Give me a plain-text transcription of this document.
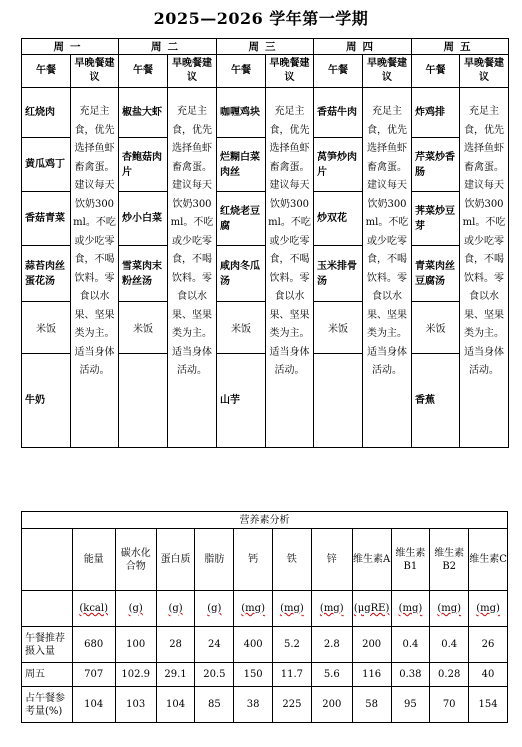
2025—2026 学年第一学期
周一		周二		周三		周四		周五	
午餐	早晚餐建议	午餐	早晚餐建议	午餐	早晚餐建议	午餐	早晚餐建议	午餐	早晚餐建议
红烧肉	充足主食，优先选择鱼虾畜禽蛋。建议每天饮奶300ml。不吃或少吃零食，不喝饮料。零食以水果、坚果类为主。适当身体活动。	椒盐大虾	充足主食，优先选择鱼虾畜禽蛋。建议每天饮奶300ml。不吃或少吃零食，不喝饮料。零食以水果、坚果类为主。适当身体活动。	咖喱鸡块	充足主食，优先选择鱼虾畜禽蛋。建议每天饮奶300ml。不吃或少吃零食，不喝饮料。零食以水果、坚果类为主。适当身体活动。	香菇牛肉	充足主食，优先选择鱼虾畜禽蛋。建议每天饮奶300ml。不吃或少吃零食，不喝饮料。零食以水果、坚果类为主。适当身体活动。	炸鸡排	充足主食，优先选择鱼虾畜禽蛋。建议每天饮奶300ml。不吃或少吃零食，不喝饮料。零食以水果、坚果类为主。适当身体活动。
黄瓜鸡丁		杏鲍菇肉片		烂糊白菜肉丝		莴笋炒肉片		芹菜炒香肠	
香菇青菜		炒小白菜		红烧老豆腐		炒双花		荠菜炒豆芽	
蒜苔肉丝蛋花汤		雪菜肉末粉丝汤		咸肉冬瓜汤		玉米排骨汤		青菜肉丝豆腐汤	
米饭		米饭		米饭		米饭		米饭	
牛奶				山芋				香蕉	
营养素分析											
	能量	碳水化合物	蛋白质	脂肪	钙	铁	锌	维生素A	维生素B1	维生素B2	维生素C
	(kcal)	(g)	(g)	(g)	(mg)	(mg)	(mg)	(μgRE)	(mg)	(mg)	(mg)
午餐推荐摄入量	680	100	28	24	400	5.2	2.8	200	0.4	0.4	26
周五	707	102.9	29.1	20.5	150	11.7	5.6	116	0.38	0.28	40
占午餐参考量(%)	104	103	104	85	38	225	200	58	95	70	154
